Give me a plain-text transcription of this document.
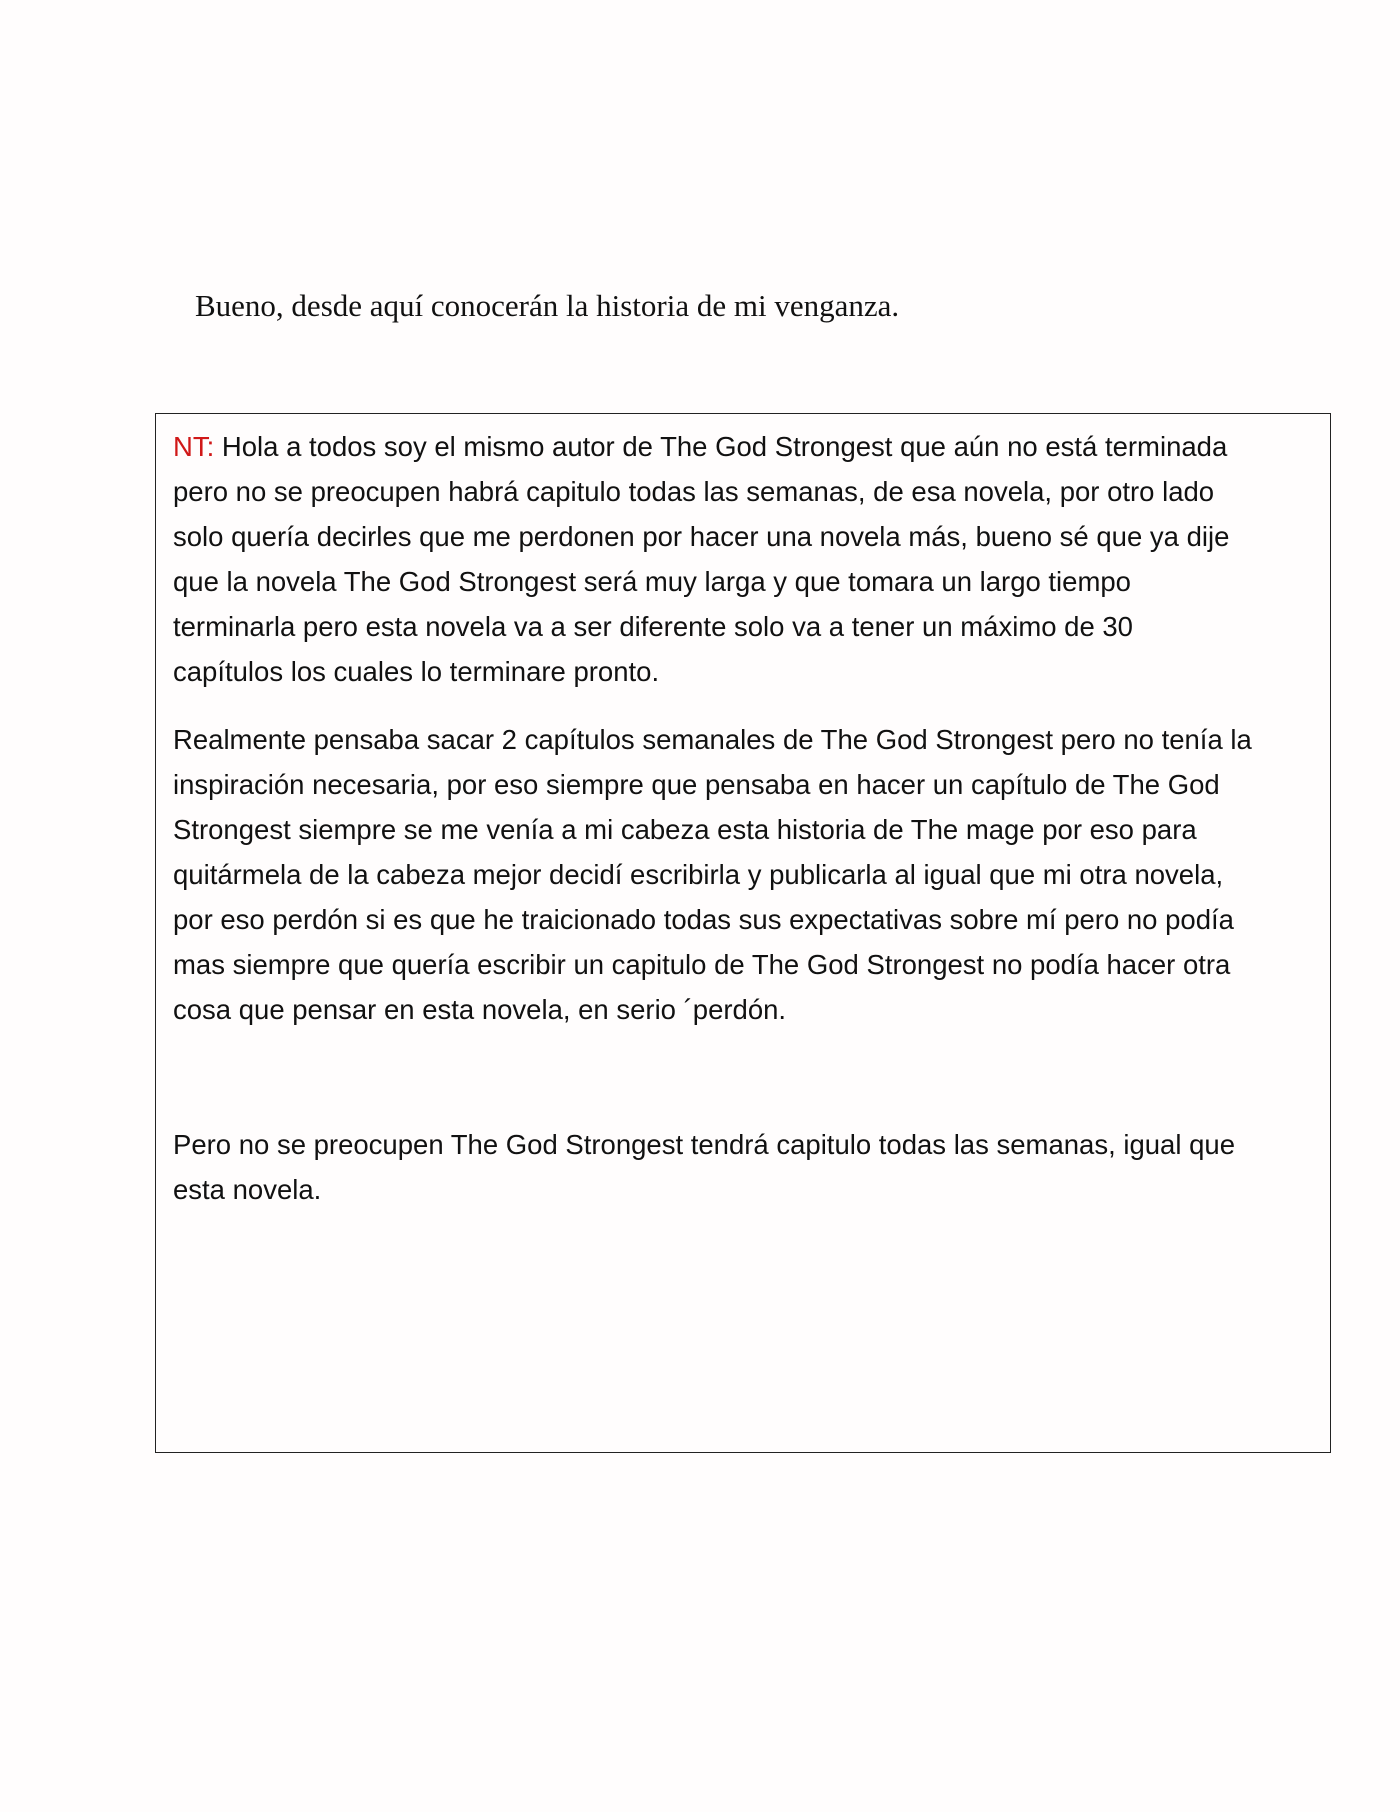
Bueno, desde aquí conocerán la historia de mi venganza.

NT: Hola a todos soy el mismo autor de The God Strongest que aún no está terminada
pero no se preocupen habrá capitulo todas las semanas, de esa novela, por otro lado
solo quería decirles que me perdonen por hacer una novela más, bueno sé que ya dije
que la novela The God Strongest será muy larga y que tomara un largo tiempo
terminarla pero esta novela va a ser diferente solo va a tener un máximo de 30
capítulos los cuales lo terminare pronto.

Realmente pensaba sacar 2 capítulos semanales de The God Strongest pero no tenía la
inspiración necesaria, por eso siempre que pensaba en hacer un capítulo de The God
Strongest siempre se me venía a mi cabeza esta historia de The mage por eso para
quitármela de la cabeza mejor decidí escribirla y publicarla al igual que mi otra novela,
por eso perdón si es que he traicionado todas sus expectativas sobre mí pero no podía
mas siempre que quería escribir un capitulo de The God Strongest no podía hacer otra
cosa que pensar en esta novela, en serio ´perdón.

Pero no se preocupen The God Strongest tendrá capitulo todas las semanas, igual que
esta novela.
